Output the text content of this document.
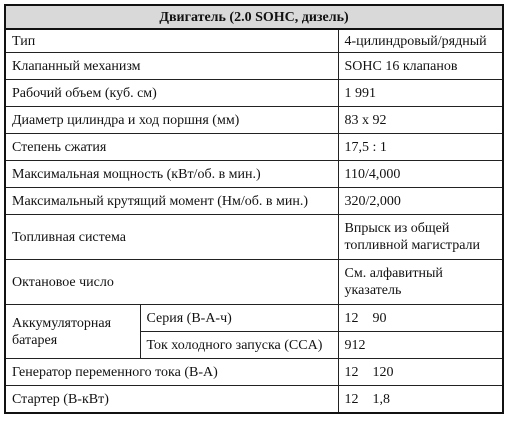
Двигатель (2.0 SOHC, дизель)		
Тип		4-цилиндровый/рядный
Клапанный механизм		SOHC 16 клапанов
Рабочий объем (куб. см)		1 991
Диаметр цилиндра и ход поршня (мм)		83 x 92
Степень сжатия		17,5 : 1
Максимальная мощность (кВт/об. в мин.)		110/4,000
Максимальный крутящий момент (Нм/об. в мин.)		320/2,000
Топливная система		Впрыск из общей топливной магистрали
Октановое число		См. алфавитный указатель
Аккумуляторная батарея	Серия (В-А-ч)	12    90
	Ток холодного запуска (CCA)	912
Генератор переменного тока (В-А)		12    120
Стартер (В-кВт)		12    1,8
